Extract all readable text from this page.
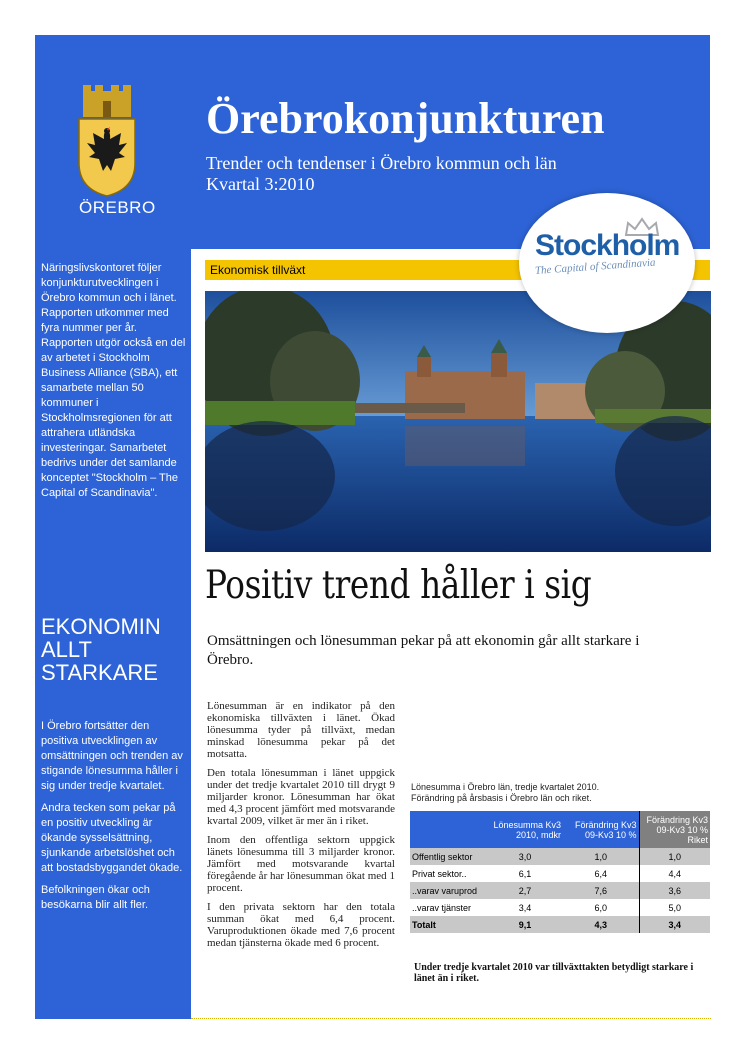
ÖREBRO
Örebrokonjunkturen
Trender och tendenser i Örebro kommun och län
Kvartal 3:2010
Näringslivskontoret följer konjunkturutvecklingen i Örebro kommun och i länet. Rapporten utkommer med fyra nummer per år. Rapporten utgör också en del av arbetet i Stockholm Business Alliance (SBA), ett samarbete mellan 50 kommuner i Stockholmsregionen för att attrahera utländska investeringar. Samarbetet bedrivs under det samlande konceptet "Stockholm – The Capital of Scandinavia".
EKONOMIN ALLT STARKARE

I Örebro fortsätter den positiva utvecklingen av omsättningen och trenden av stigande lönesumma håller i sig under tredje kvartalet.

Andra tecken som pekar på en positiv utveckling är ökande sysselsättning, sjunkande arbetslöshet och att bostadsbyggandet ökade.

Befolkningen ökar och besökarna blir allt fler.

Ekonomisk tillväxt
Stockholm
The Capital of Scandinavia
Positiv trend håller i sig
Omsättningen och lönesumman pekar på att ekonomin går allt starkare i Örebro.

Lönesumman är en indikator på den ekonomiska tillväxten i länet. Ökad lönesumma tyder på tillväxt, medan minskad lönesumma pekar på det motsatta.

Den totala lönesumman i länet uppgick under det tredje kvartalet 2010 till drygt 9 miljarder kronor. Lönesumman har ökat med 4,3 procent jämfört med motsvarande kvartal 2009, vilket är mer än i riket.

Inom den offentliga sektorn uppgick länets lönesumma till 3 miljarder kronor. Jämfört med motsvarande kvartal föregående år har lönesumman ökat med 1 procent.

I den privata sektorn har den totala summan ökat med 6,4 procent. Varuproduktionen ökade med 7,6 procent medan tjänsterna ökade med 6 procent.

Lönesumma i Örebro län, tredje kvartalet 2010.
Förändring på årsbasis i Örebro län och riket.
	Lönesumma Kv3 2010, mdkr	Förändring Kv3 09-Kv3 10 %	Förändring Kv3 09-Kv3 10 % Riket
Offentlig sektor	3,0	1,0	1,0
Privat sektor..	6,1	6,4	4,4
..varav varuprod	2,7	7,6	3,6
..varav tjänster	3,4	6,0	5,0
Totalt	9,1	4,3	3,4
Under tredje kvartalet 2010 var tillväxttakten betydligt starkare i länet än i riket.
